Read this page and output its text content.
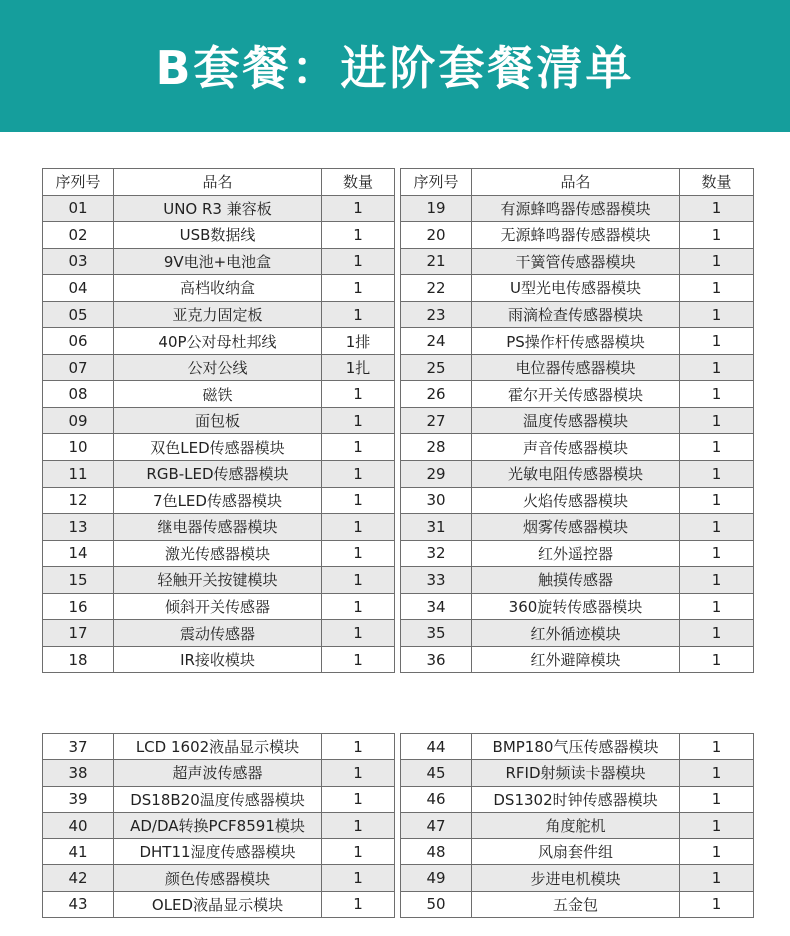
B套餐：进阶套餐清单
序列号	品名	数量
01	UNO R3 兼容板	1
02	USB数据线	1
03	9V电池+电池盒	1
04	高档收纳盒	1
05	亚克力固定板	1
06	40P公对母杜邦线	1排
07	公对公线	1扎
08	磁铁	1
09	面包板	1
10	双色LED传感器模块	1
11	RGB-LED传感器模块	1
12	7色LED传感器模块	1
13	继电器传感器模块	1
14	激光传感器模块	1
15	轻触开关按键模块	1
16	倾斜开关传感器	1
17	震动传感器	1
18	IR接收模块	1
序列号	品名	数量
19	有源蜂鸣器传感器模块	1
20	无源蜂鸣器传感器模块	1
21	干簧管传感器模块	1
22	U型光电传感器模块	1
23	雨滴检查传感器模块	1
24	PS操作杆传感器模块	1
25	电位器传感器模块	1
26	霍尔开关传感器模块	1
27	温度传感器模块	1
28	声音传感器模块	1
29	光敏电阻传感器模块	1
30	火焰传感器模块	1
31	烟雾传感器模块	1
32	红外遥控器	1
33	触摸传感器	1
34	360旋转传感器模块	1
35	红外循迹模块	1
36	红外避障模块	1
37	LCD 1602液晶显示模块	1
38	超声波传感器	1
39	DS18B20温度传感器模块	1
40	AD/DA转换PCF8591模块	1
41	DHT11湿度传感器模块	1
42	颜色传感器模块	1
43	OLED液晶显示模块	1
44	BMP180气压传感器模块	1
45	RFID射频读卡器模块	1
46	DS1302时钟传感器模块	1
47	角度舵机	1
48	风扇套件组	1
49	步进电机模块	1
50	五金包	1
